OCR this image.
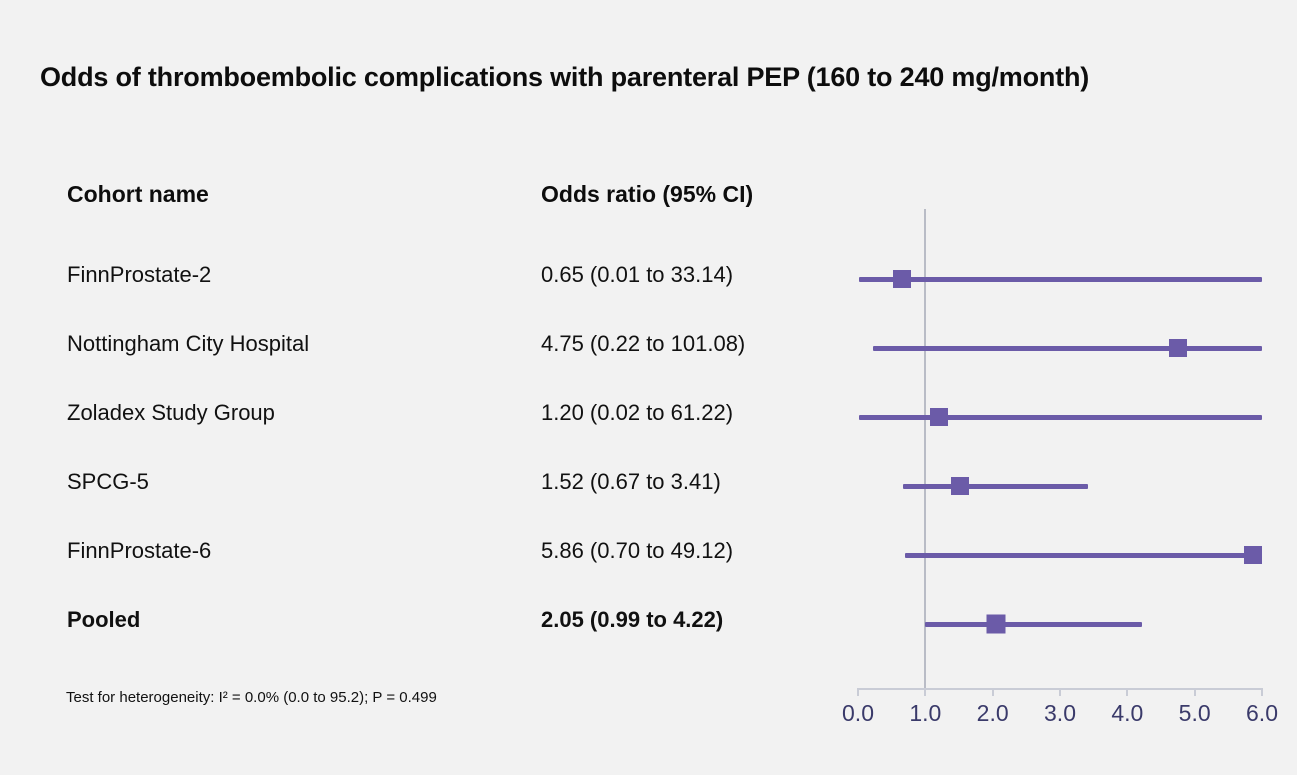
Odds of thromboembolic complications with parenteral PEP (160 to 240 mg/month)
Cohort name	Odds ratio (95% CI)
FinnProstate-2	0.65 (0.01 to 33.14)
Nottingham City Hospital	4.75 (0.22 to 101.08)
Zoladex Study Group	1.20 (0.02 to 61.22)
SPCG-5	1.52 (0.67 to 3.41)
FinnProstate-6	5.86 (0.70 to 49.12)
Pooled	2.05 (0.99 to 4.22)
Test for heterogeneity: I² = 0.0% (0.0 to 95.2); P = 0.499
0.0 1.0 2.0 3.0 4.0 5.0 6.0
